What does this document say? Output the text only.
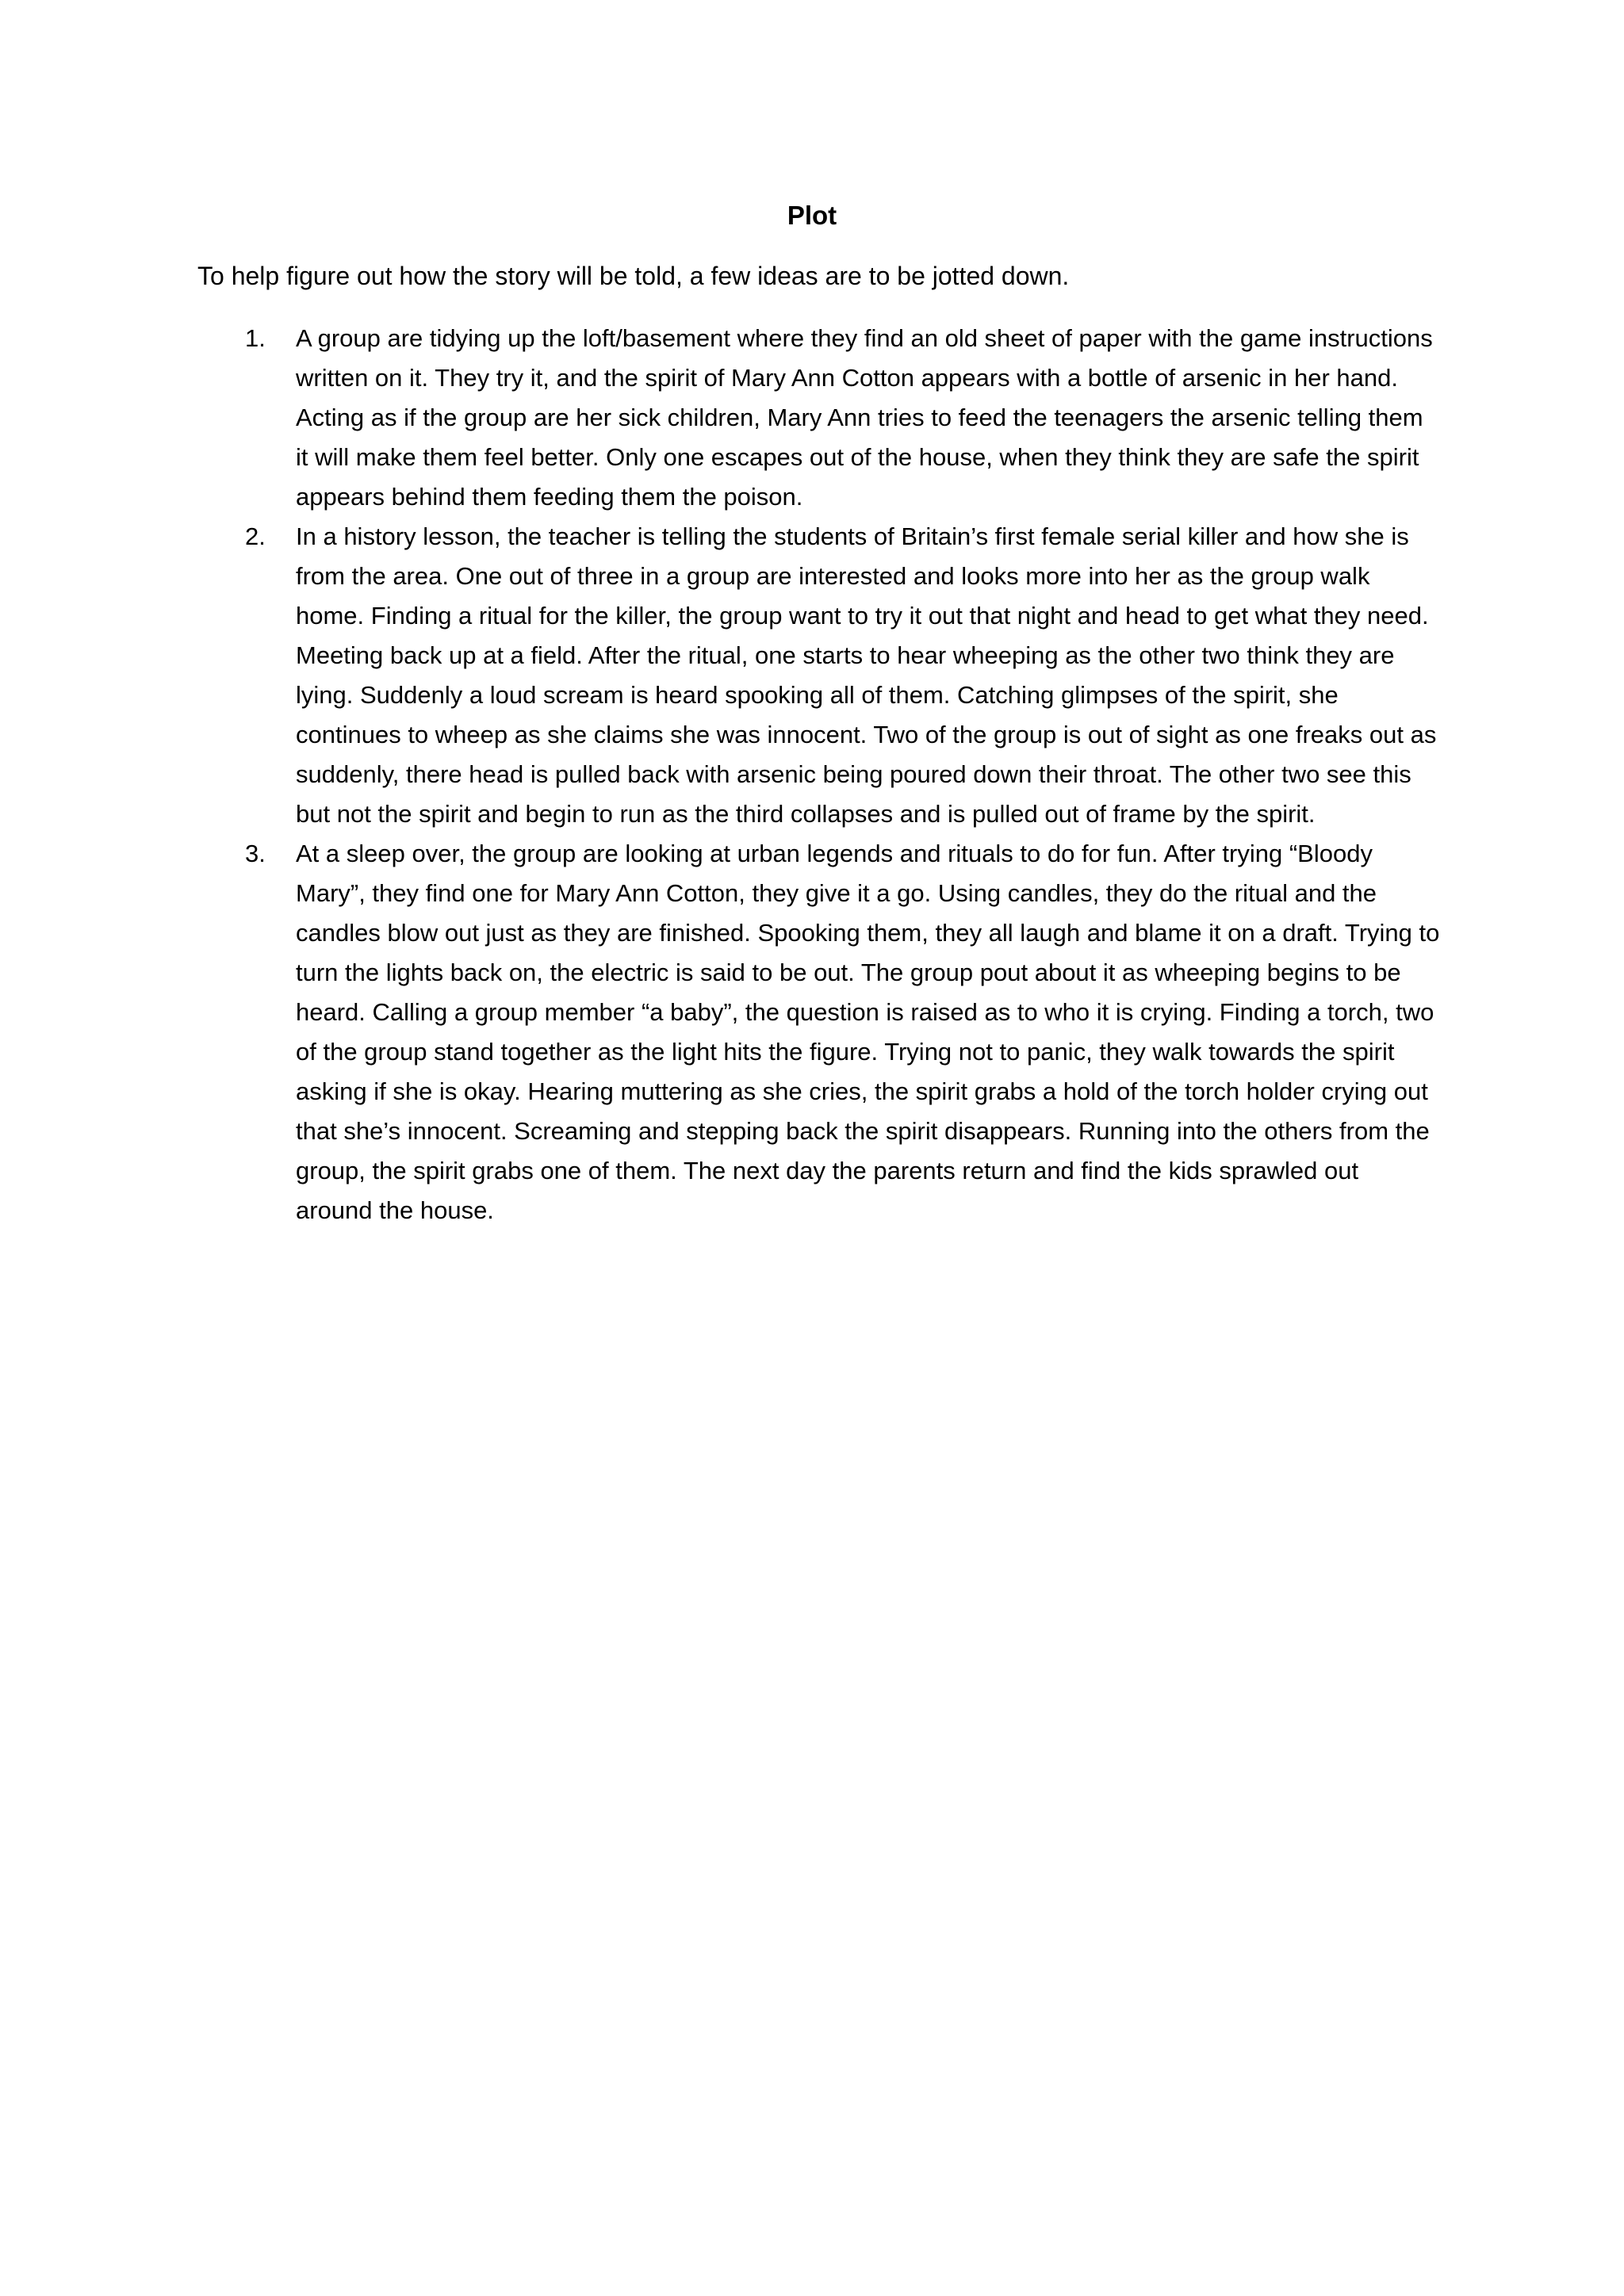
Plot

To help figure out how the story will be told, a few ideas are to be jotted down.

1. A group are tidying up the loft/basement where they find an old sheet of paper with the game instructions written on it. They try it, and the spirit of Mary Ann Cotton appears with a bottle of arsenic in her hand. Acting as if the group are her sick children, Mary Ann tries to feed the teenagers the arsenic telling them it will make them feel better. Only one escapes out of the house, when they think they are safe the spirit appears behind them feeding them the poison.
2. In a history lesson, the teacher is telling the students of Britain’s first female serial killer and how she is from the area. One out of three in a group are interested and looks more into her as the group walk home. Finding a ritual for the killer, the group want to try it out that night and head to get what they need. Meeting back up at a field. After the ritual, one starts to hear wheeping as the other two think they are lying. Suddenly a loud scream is heard spooking all of them. Catching glimpses of the spirit, she continues to wheep as she claims she was innocent. Two of the group is out of sight as one freaks out as suddenly, there head is pulled back with arsenic being poured down their throat. The other two see this but not the spirit and begin to run as the third collapses and is pulled out of frame by the spirit.
3. At a sleep over, the group are looking at urban legends and rituals to do for fun. After trying “Bloody Mary”, they find one for Mary Ann Cotton, they give it a go. Using candles, they do the ritual and the candles blow out just as they are finished. Spooking them, they all laugh and blame it on a draft. Trying to turn the lights back on, the electric is said to be out. The group pout about it as wheeping begins to be heard. Calling a group member “a baby”, the question is raised as to who it is crying. Finding a torch, two of the group stand together as the light hits the figure. Trying not to panic, they walk towards the spirit asking if she is okay. Hearing muttering as she cries, the spirit grabs a hold of the torch holder crying out that she’s innocent. Screaming and stepping back the spirit disappears. Running into the others from the group, the spirit grabs one of them. The next day the parents return and find the kids sprawled out around the house.
